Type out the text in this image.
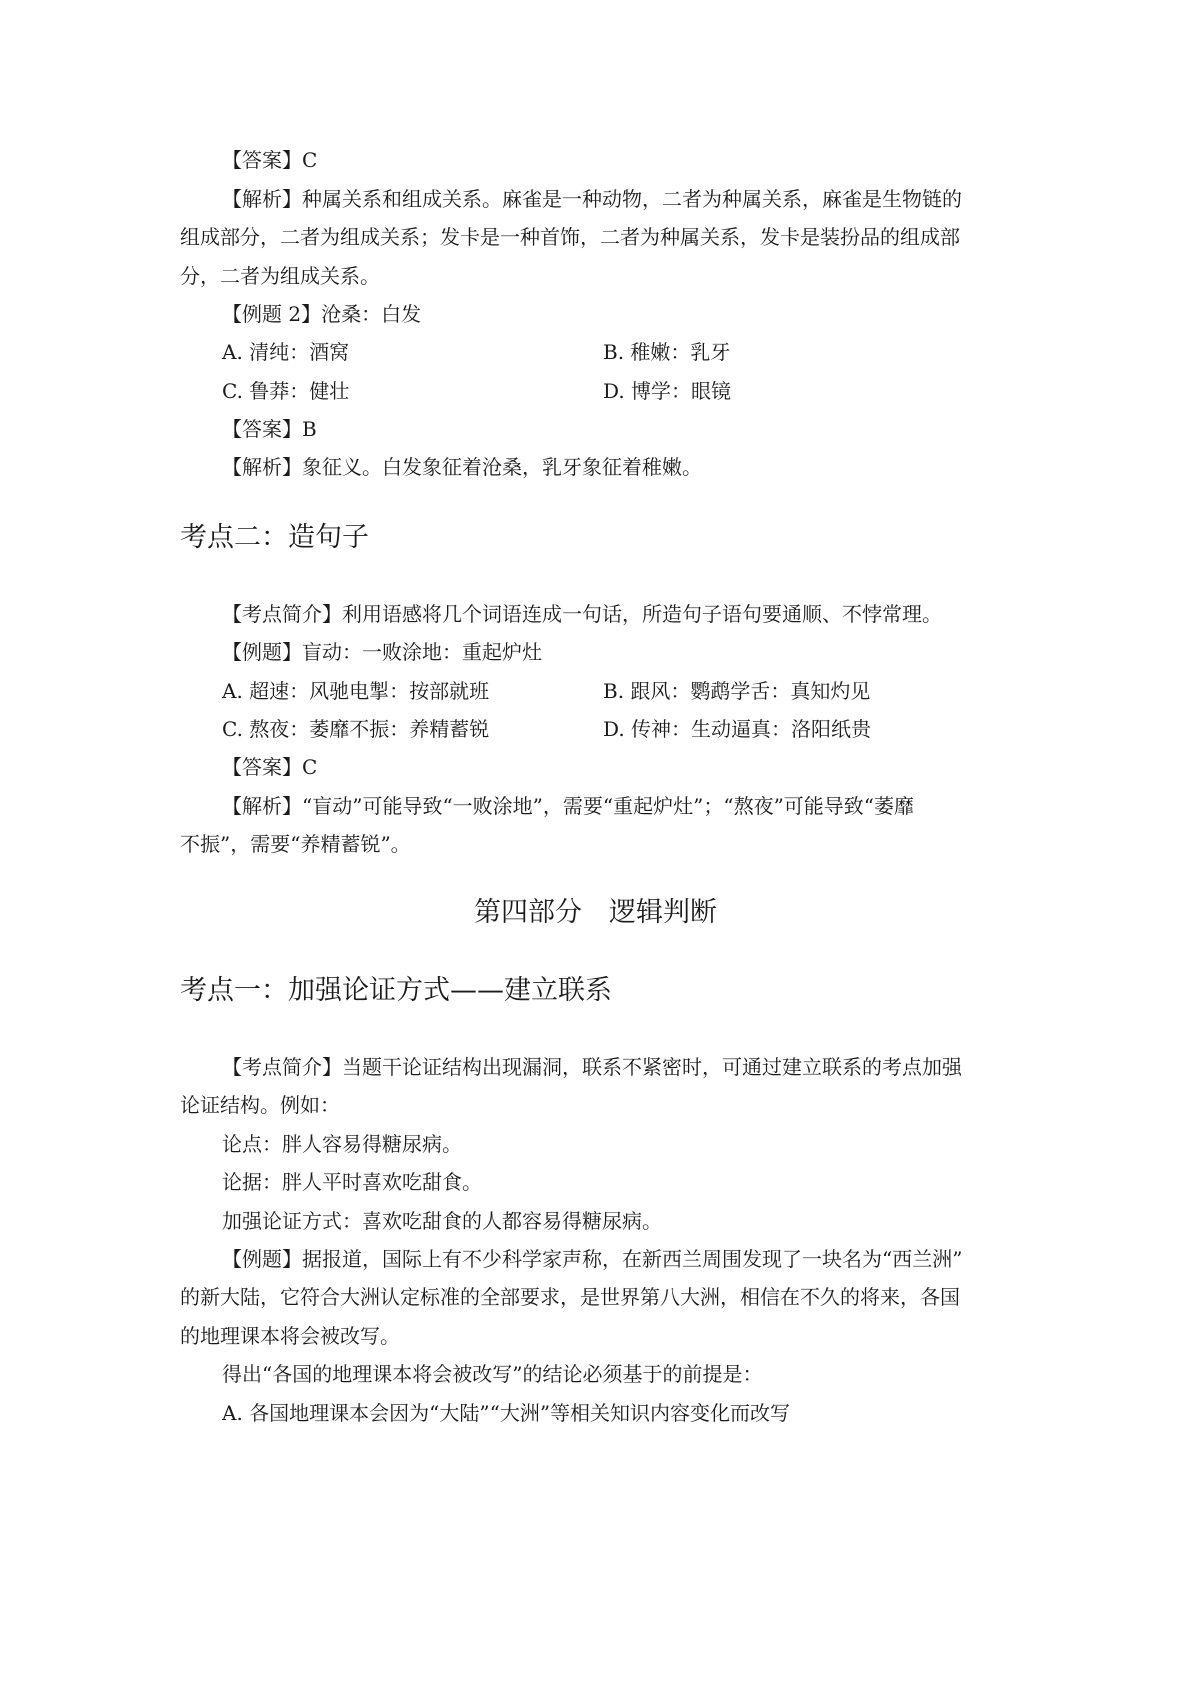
【答案】C
【解析】种属关系和组成关系。麻雀是一种动物，二者为种属关系，麻雀是生物链的
组成部分，二者为组成关系；发卡是一种首饰，二者为种属关系，发卡是装扮品的组成部
分，二者为组成关系。
【例题 2】沧桑：白发
A. 清纯：酒窝	B. 稚嫩：乳牙
C. 鲁莽：健壮	D. 博学：眼镜
【答案】B
【解析】象征义。白发象征着沧桑，乳牙象征着稚嫩。
考点二：造句子
【考点简介】利用语感将几个词语连成一句话，所造句子语句要通顺、不悖常理。
【例题】盲动：一败涂地：重起炉灶
A. 超速：风驰电掣：按部就班	B. 跟风：鹦鹉学舌：真知灼见
C. 熬夜：萎靡不振：养精蓄锐	D. 传神：生动逼真：洛阳纸贵
【答案】C
【解析】“盲动”可能导致“一败涂地”，需要“重起炉灶”；“熬夜”可能导致“萎靡
不振”，需要“养精蓄锐”。
第四部分　逻辑判断
考点一：加强论证方式——建立联系
【考点简介】当题干论证结构出现漏洞，联系不紧密时，可通过建立联系的考点加强
论证结构。例如：
论点：胖人容易得糖尿病。
论据：胖人平时喜欢吃甜食。
加强论证方式：喜欢吃甜食的人都容易得糖尿病。
【例题】据报道，国际上有不少科学家声称，在新西兰周围发现了一块名为“西兰洲”
的新大陆，它符合大洲认定标准的全部要求，是世界第八大洲，相信在不久的将来，各国
的地理课本将会被改写。
得出“各国的地理课本将会被改写”的结论必须基于的前提是：
A. 各国地理课本会因为“大陆”“大洲”等相关知识内容变化而改写
